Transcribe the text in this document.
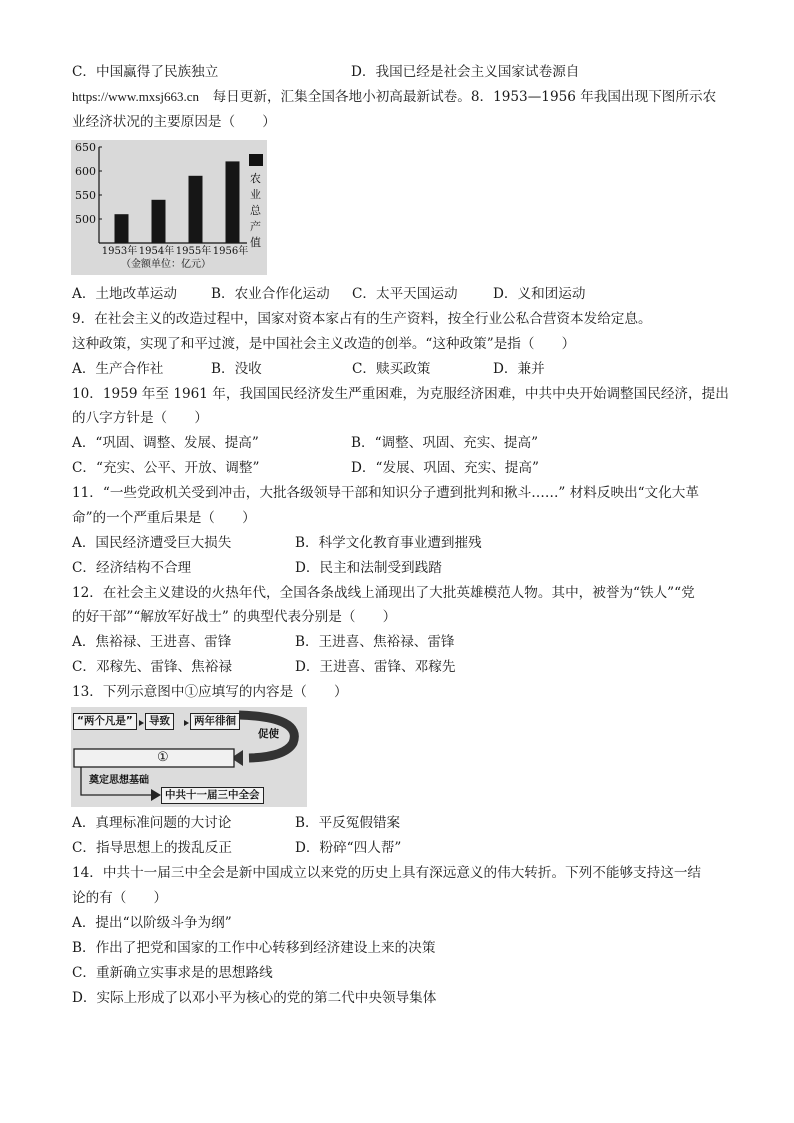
C．中国赢得了民族独立	D．我国已经是社会主义国家试卷源自
https://www.mxsj663.cn　每日更新，汇集全国各地小初高最新试卷。8．1953—1956 年我国出现下图所示农
业经济状况的主要原因是（　　）
650
600
550
500
1953年 1954年 1955年 1956年
（金额单位：亿元）
农业总产值
A．土地改革运动	B．农业合作化运动 C．太平天国运动	D．义和团运动
9．在社会主义的改造过程中，国家对资本家占有的生产资料，按全行业公私合营资本发给定息。
这种政策，实现了和平过渡，是中国社会主义改造的创举。“这种政策”是指（　　）
A．生产合作社	B．没收	C．赎买政策	D．兼并
10．1959 年至 1961 年，我国国民经济发生严重困难，为克服经济困难，中共中央开始调整国民经济，提出
的八字方针是（　　）
A．“巩固、调整、发展、提高”	B．“调整、巩固、充实、提高”
C．“充实、公平、开放、调整”	D．“发展、巩固、充实、提高”
11．“一些党政机关受到冲击，大批各级领导干部和知识分子遭到批判和揪斗……” 材料反映出“文化大革
命”的一个严重后果是（　　）
A．国民经济遭受巨大损失	B．科学文化教育事业遭到摧残
C．经济结构不合理	D．民主和法制受到践踏
12．在社会主义建设的火热年代，全国各条战线上涌现出了大批英雄模范人物。其中，被誉为“铁人”“党
的好干部”“解放军好战士” 的典型代表分别是（　　）
A．焦裕禄、王进喜、雷锋	B．王进喜、焦裕禄、雷锋
C．邓稼先、雷锋、焦裕禄	D．王进喜、雷锋、邓稼先
13．下列示意图中①应填写的内容是（　　）
“两个凡是”	导致	两年徘徊
促使
①
奠定思想基础
中共十一届三中全会
A．真理标准问题的大讨论	B．平反冤假错案
C．指导思想上的拨乱反正	D．粉碎“四人帮”
14．中共十一届三中全会是新中国成立以来党的历史上具有深远意义的伟大转折。下列不能够支持这一结
论的有（　　）
A．提出“以阶级斗争为纲”
B．作出了把党和国家的工作中心转移到经济建设上来的决策
C．重新确立实事求是的思想路线
D．实际上形成了以邓小平为核心的党的第二代中央领导集体
